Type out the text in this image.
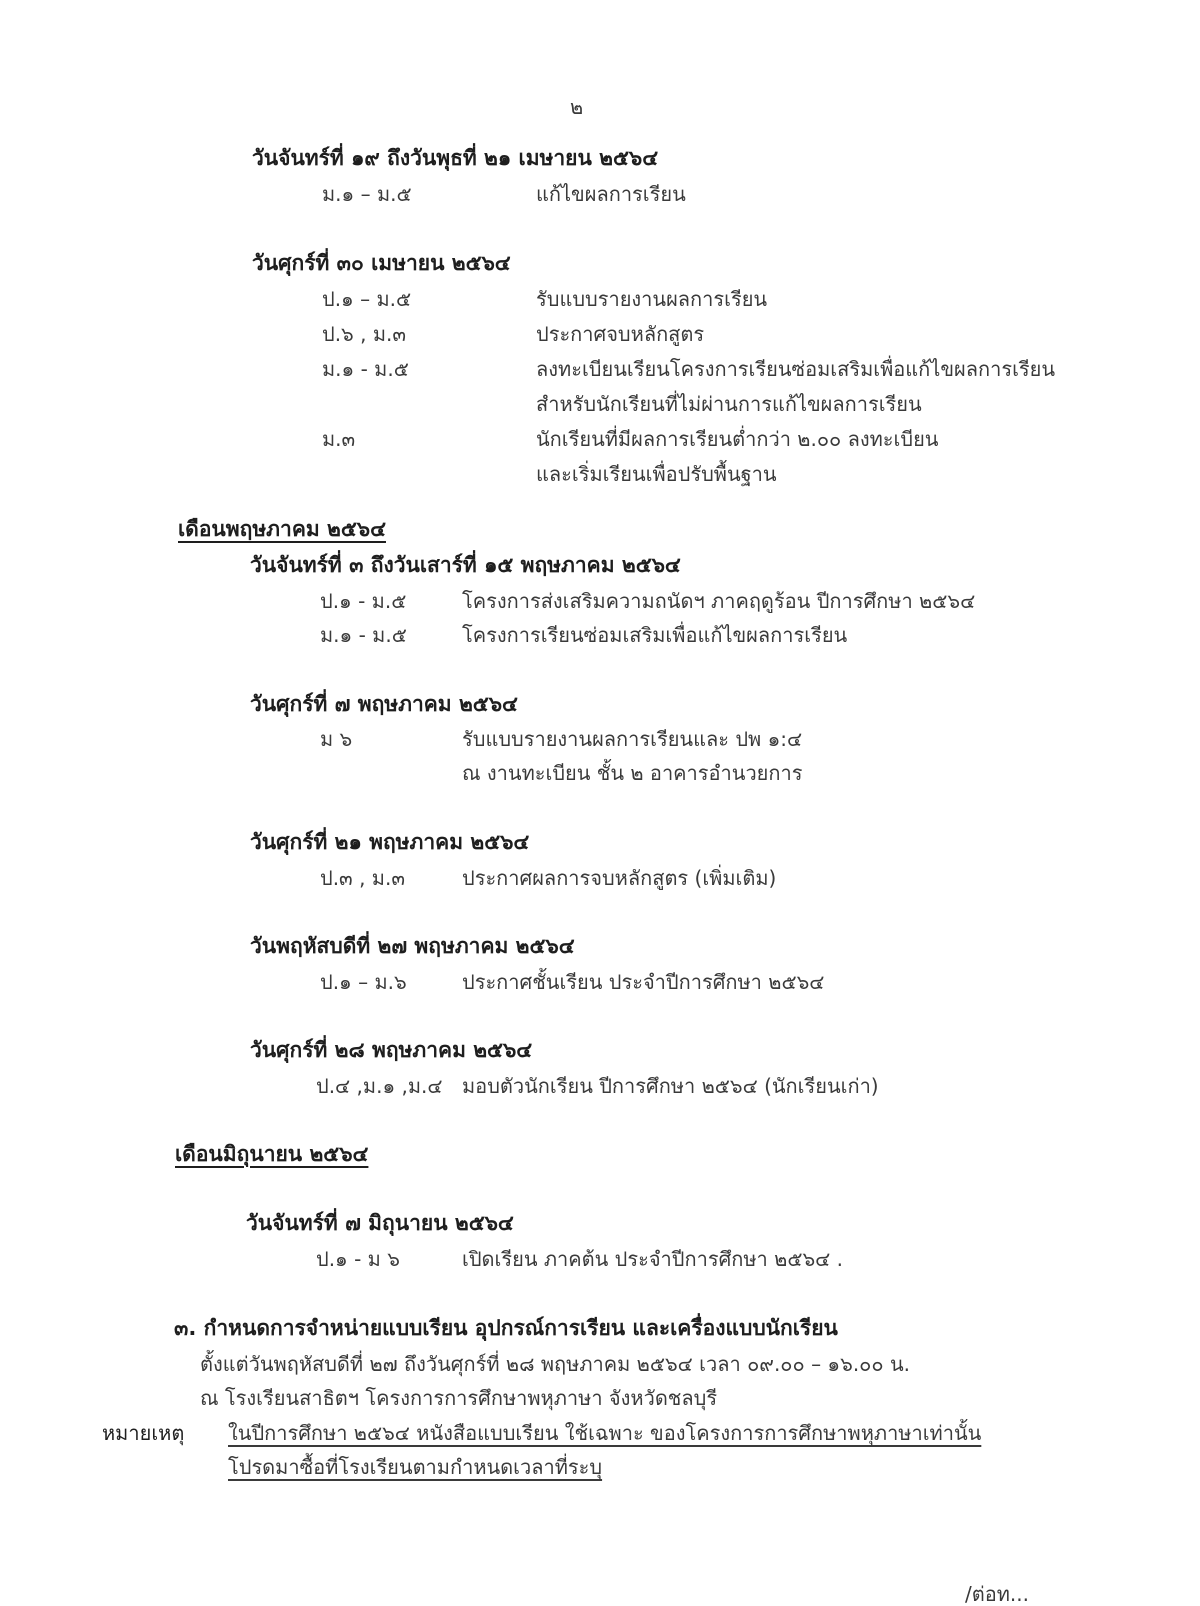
๒
วันจันทร์ที่ ๑๙ ถึงวันพุธที่ ๒๑ เมษายน ๒๕๖๔
ม.๑ – ม.๕	แก้ไขผลการเรียน
วันศุกร์ที่ ๓๐ เมษายน ๒๕๖๔
ป.๑ – ม.๕	รับแบบรายงานผลการเรียน
ป.๖ , ม.๓	ประกาศจบหลักสูตร
ม.๑ - ม.๕	ลงทะเบียนเรียนโครงการเรียนซ่อมเสริมเพื่อแก้ไขผลการเรียน
สำหรับนักเรียนที่ไม่ผ่านการแก้ไขผลการเรียน
ม.๓	นักเรียนที่มีผลการเรียนต่ำกว่า ๒.๐๐ ลงทะเบียน
และเริ่มเรียนเพื่อปรับพื้นฐาน
เดือนพฤษภาคม ๒๕๖๔
วันจันทร์ที่ ๓ ถึงวันเสาร์ที่ ๑๕ พฤษภาคม ๒๕๖๔
ป.๑ - ม.๕	โครงการส่งเสริมความถนัดฯ ภาคฤดูร้อน ปีการศึกษา ๒๕๖๔
ม.๑ - ม.๕	โครงการเรียนซ่อมเสริมเพื่อแก้ไขผลการเรียน
วันศุกร์ที่ ๗ พฤษภาคม ๒๕๖๔
ม ๖	รับแบบรายงานผลการเรียนและ ปพ ๑:๔
ณ งานทะเบียน ชั้น ๒ อาคารอำนวยการ
วันศุกร์ที่ ๒๑ พฤษภาคม ๒๕๖๔
ป.๓ , ม.๓	ประกาศผลการจบหลักสูตร (เพิ่มเติม)
วันพฤหัสบดีที่ ๒๗ พฤษภาคม ๒๕๖๔
ป.๑ – ม.๖	ประกาศชั้นเรียน ประจำปีการศึกษา ๒๕๖๔
วันศุกร์ที่ ๒๘ พฤษภาคม ๒๕๖๔
ป.๔ ,ม.๑ ,ม.๔ มอบตัวนักเรียน ปีการศึกษา ๒๕๖๔ (นักเรียนเก่า)
เดือนมิถุนายน ๒๕๖๔
วันจันทร์ที่ ๗ มิถุนายน ๒๕๖๔
ป.๑ - ม ๖	เปิดเรียน ภาคต้น ประจำปีการศึกษา ๒๕๖๔ .
๓. กำหนดการจำหน่ายแบบเรียน อุปกรณ์การเรียน และเครื่องแบบนักเรียน
ตั้งแต่วันพฤหัสบดีที่ ๒๗ ถึงวันศุกร์ที่ ๒๘ พฤษภาคม ๒๕๖๔ เวลา ๐๙.๐๐ – ๑๖.๐๐ น.
ณ โรงเรียนสาธิตฯ โครงการการศึกษาพหุภาษา จังหวัดชลบุรี
หมายเหตุ ในปีการศึกษา ๒๕๖๔ หนังสือแบบเรียน ใช้เฉพาะ ของโครงการการศึกษาพหุภาษาเท่านั้น
โปรดมาซื้อที่โรงเรียนตามกำหนดเวลาที่ระบุ
/ต่อท...
